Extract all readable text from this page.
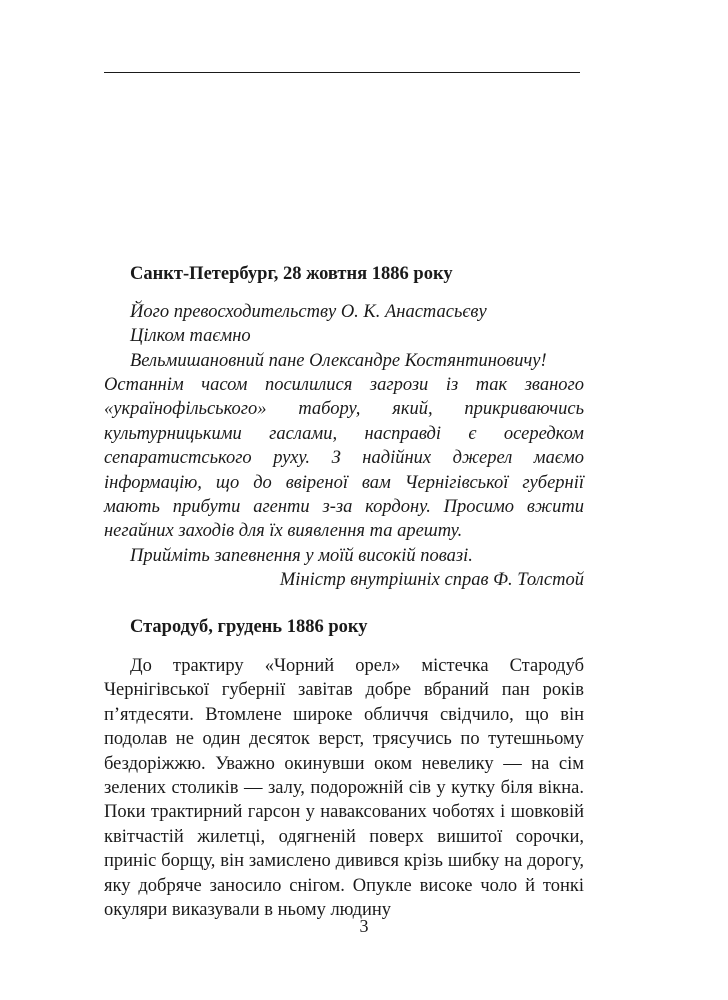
Санкт-Петербург, 28 жовтня 1886 року

Його превосходительству О. К. Анастасьєву

Цілком таємно

Вельмишановний пане Олександре Костянтиновичу!

Останнім часом посилилися загрози із так званого «українофільського» табору, який, прикриваючись культурницькими гаслами, насправді є осередком сепаратистського руху. З надійних джерел маємо інформацію, що до ввіреної вам Чернігівської губернії мають прибути агенти з-за кордону. Просимо вжити негайних заходів для їх виявлення та арешту.

Прийміть запевнення у моїй високій повазі.

Міністр внутрішніх справ Ф. Толстой

Стародуб, грудень 1886 року

До трактиру «Чорний орел» містечка Стародуб Чернігівської губернії завітав добре вбраний пан років п’ятдесяти. Втомлене широке обличчя свідчило, що він подолав не один десяток верст, трясучись по тутешньому бездоріжжю. Уважно окинувши оком невелику — на сім зелених столиків — залу, подорожній сів у кутку біля вікна. Поки трактирний гарсон у наваксованих чоботях і шовковій квітчастій жилетці, одягненій поверх вишитої сорочки, приніс борщу, він замислено дивився крізь шибку на дорогу, яку добряче заносило снігом. Опукле високе чоло й тонкі окуляри виказували в ньому людину

3
